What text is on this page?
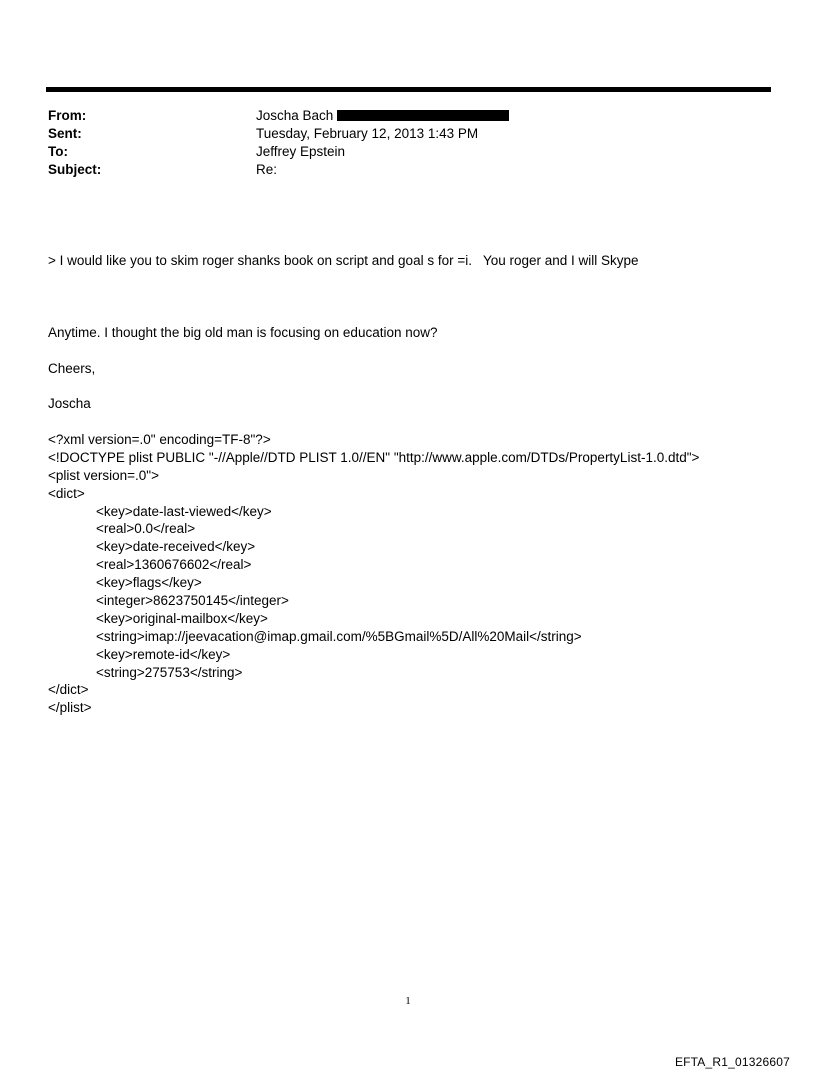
From:	Joscha Bach
Sent:	Tuesday, February 12, 2013 1:43 PM
To:	Jeffrey Epstein
Subject:	Re:
> I would like you to skim roger shanks book on script and goal s for =i.   You roger and I will Skype
Anytime. I thought the big old man is focusing on education now?
Cheers,
Joscha
<?xml version=.0" encoding=TF-8"?>
<!DOCTYPE plist PUBLIC "-//Apple//DTD PLIST 1.0//EN" "http://www.apple.com/DTDs/PropertyList-1.0.dtd">
<plist version=.0">
<dict>
<key>date-last-viewed</key>
<real>0.0</real>
<key>date-received</key>
<real>1360676602</real>
<key>flags</key>
<integer>8623750145</integer>
<key>original-mailbox</key>
<string>imap://jeevacation@imap.gmail.com/%5BGmail%5D/All%20Mail</string>
<key>remote-id</key>
<string>275753</string>
</dict>
</plist>
1
EFTA_R1_01326607
